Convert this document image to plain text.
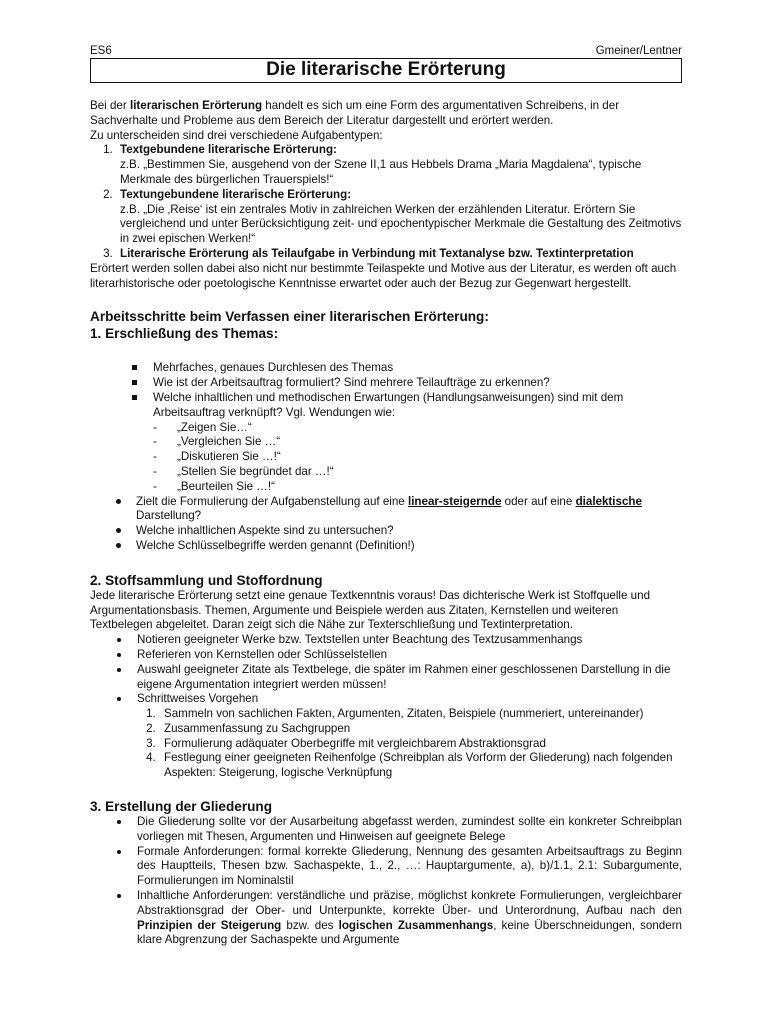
ES6	Gmeiner/Lentner
Die literarische Erörterung

Bei der literarischen Erörterung handelt es sich um eine Form des argumentativen Schreibens, in der Sachverhalte und Probleme aus dem Bereich der Literatur dargestellt und erörtert werden.

Zu unterscheiden sind drei verschiedene Aufgabentypen:

1. Textgebundene literarische Erörterung:
z.B. „Bestimmen Sie, ausgehend von der Szene II,1 aus Hebbels Drama „Maria Magdalena“, typische Merkmale des bürgerlichen Trauerspiels!“
2. Textungebundene literarische Erörterung:
z.B. „Die ‚Reise‘ ist ein zentrales Motiv in zahlreichen Werken der erzählenden Literatur. Erörtern Sie vergleichend und unter Berücksichtigung zeit- und epochentypischer Merkmale die Gestaltung des Zeitmotivs in zwei epischen Werken!“
3. Literarische Erörterung als Teilaufgabe in Verbindung mit Textanalyse bzw. Textinterpretation

Erörtert werden sollen dabei also nicht nur bestimmte Teilaspekte und Motive aus der Literatur, es werden oft auch literarhistorische oder poetologische Kenntnisse erwartet oder auch der Bezug zur Gegenwart hergestellt.

Arbeitsschritte beim Verfassen einer literarischen Erörterung:
1. Erschließung des Themas:
Mehrfaches, genaues Durchlesen des Themas
Wie ist der Arbeitsauftrag formuliert? Sind mehrere Teilaufträge zu erkennen?
Welche inhaltlichen und methodischen Erwartungen (Handlungsanweisungen) sind mit dem Arbeitsauftrag verknüpft? Vgl. Wendungen wie:
- „Zeigen Sie…“
- „Vergleichen Sie …“
- „Diskutieren Sie …!“
- „Stellen Sie begründet dar …!“
- „Beurteilen Sie …!“
Zielt die Formulierung der Aufgabenstellung auf eine linear-steigernde oder auf eine dialektische
Darstellung?
Welche inhaltlichen Aspekte sind zu untersuchen?
Welche Schlüsselbegriffe werden genannt (Definition!)
2. Stoffsammlung und Stoffordnung

Jede literarische Erörterung setzt eine genaue Textkenntnis voraus! Das dichterische Werk ist Stoffquelle und Argumentationsbasis. Themen, Argumente und Beispiele werden aus Zitaten, Kernstellen und weiteren Textbelegen abgeleitet. Daran zeigt sich die Nähe zur Texterschließung und Textinterpretation.

Notieren geeigneter Werke bzw. Textstellen unter Beachtung des Textzusammenhangs
Referieren von Kernstellen oder Schlüsselstellen
Auswahl geeigneter Zitate als Textbelege, die später im Rahmen einer geschlossenen Darstellung in die eigene Argumentation integriert werden müssen!
Schrittweises Vorgehen
1. Sammeln von sachlichen Fakten, Argumenten, Zitaten, Beispiele (nummeriert, untereinander)
2. Zusammenfassung zu Sachgruppen
3. Formulierung adäquater Oberbegriffe mit vergleichbarem Abstraktionsgrad
4. Festlegung einer geeigneten Reihenfolge (Schreibplan als Vorform der Gliederung) nach folgenden Aspekten: Steigerung, logische Verknüpfung
3. Erstellung der Gliederung
Die Gliederung sollte vor der Ausarbeitung abgefasst werden, zumindest sollte ein konkreter Schreibplan vorliegen mit Thesen, Argumenten und Hinweisen auf geeignete Belege
Formale Anforderungen: formal korrekte Gliederung, Nennung des gesamten Arbeitsauftrags zu Beginn des Hauptteils, Thesen bzw. Sachaspekte, 1., 2., …: Hauptargumente, a), b)/1.1, 2.1: Subargumente, Formulierungen im Nominalstil
Inhaltliche Anforderungen: verständliche und präzise, möglichst konkrete Formulierungen, vergleichbarer Abstraktionsgrad der Ober- und Unterpunkte, korrekte Über- und Unterordnung, Aufbau nach den Prinzipien der Steigerung bzw. des logischen Zusammenhangs, keine Überschneidungen, sondern klare Abgrenzung der Sachaspekte und Argumente
